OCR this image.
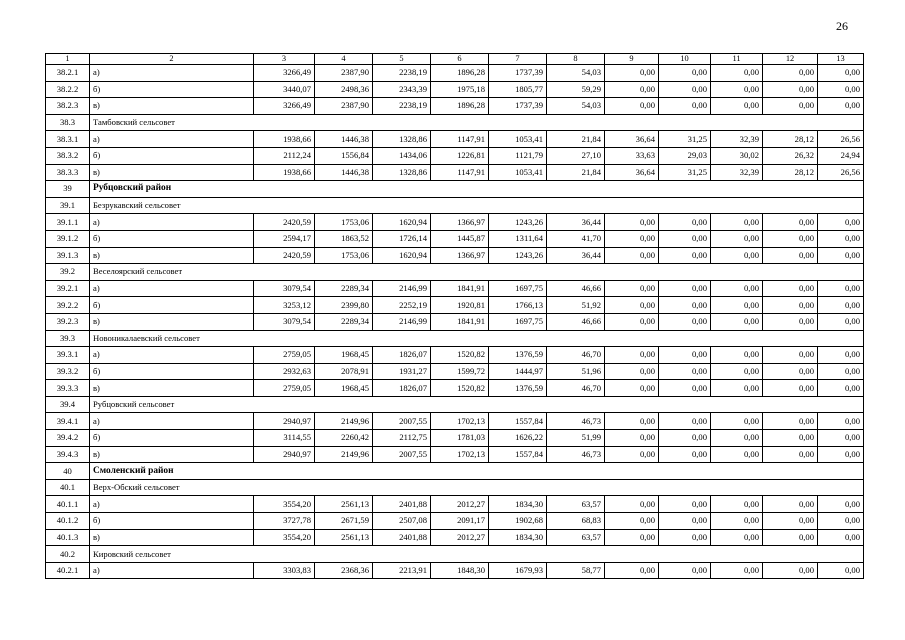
26
1	2	3	4	5	6	7	8	9	10	11	12	13
38.2.1	а)	3266,49	2387,90	2238,19	1896,28	1737,39	54,03	0,00	0,00	0,00	0,00	0,00
38.2.2	б)	3440,07	2498,36	2343,39	1975,18	1805,77	59,29	0,00	0,00	0,00	0,00	0,00
38.2.3	в)	3266,49	2387,90	2238,19	1896,28	1737,39	54,03	0,00	0,00	0,00	0,00	0,00
38.3	Тамбовский сельсовет											
38.3.1	а)	1938,66	1446,38	1328,86	1147,91	1053,41	21,84	36,64	31,25	32,39	28,12	26,56
38.3.2	б)	2112,24	1556,84	1434,06	1226,81	1121,79	27,10	33,63	29,03	30,02	26,32	24,94
38.3.3	в)	1938,66	1446,38	1328,86	1147,91	1053,41	21,84	36,64	31,25	32,39	28,12	26,56
39	Рубцовский район											
39.1	Безрукавский сельсовет											
39.1.1	а)	2420,59	1753,06	1620,94	1366,97	1243,26	36,44	0,00	0,00	0,00	0,00	0,00
39.1.2	б)	2594,17	1863,52	1726,14	1445,87	1311,64	41,70	0,00	0,00	0,00	0,00	0,00
39.1.3	в)	2420,59	1753,06	1620,94	1366,97	1243,26	36,44	0,00	0,00	0,00	0,00	0,00
39.2	Веселоярский сельсовет											
39.2.1	а)	3079,54	2289,34	2146,99	1841,91	1697,75	46,66	0,00	0,00	0,00	0,00	0,00
39.2.2	б)	3253,12	2399,80	2252,19	1920,81	1766,13	51,92	0,00	0,00	0,00	0,00	0,00
39.2.3	в)	3079,54	2289,34	2146,99	1841,91	1697,75	46,66	0,00	0,00	0,00	0,00	0,00
39.3	Новоникалаевский сельсовет											
39.3.1	а)	2759,05	1968,45	1826,07	1520,82	1376,59	46,70	0,00	0,00	0,00	0,00	0,00
39.3.2	б)	2932,63	2078,91	1931,27	1599,72	1444,97	51,96	0,00	0,00	0,00	0,00	0,00
39.3.3	в)	2759,05	1968,45	1826,07	1520,82	1376,59	46,70	0,00	0,00	0,00	0,00	0,00
39.4	Рубцовский сельсовет											
39.4.1	а)	2940,97	2149,96	2007,55	1702,13	1557,84	46,73	0,00	0,00	0,00	0,00	0,00
39.4.2	б)	3114,55	2260,42	2112,75	1781,03	1626,22	51,99	0,00	0,00	0,00	0,00	0,00
39.4.3	в)	2940,97	2149,96	2007,55	1702,13	1557,84	46,73	0,00	0,00	0,00	0,00	0,00
40	Смоленский район											
40.1	Верх-Обский сельсовет											
40.1.1	а)	3554,20	2561,13	2401,88	2012,27	1834,30	63,57	0,00	0,00	0,00	0,00	0,00
40.1.2	б)	3727,78	2671,59	2507,08	2091,17	1902,68	68,83	0,00	0,00	0,00	0,00	0,00
40.1.3	в)	3554,20	2561,13	2401,88	2012,27	1834,30	63,57	0,00	0,00	0,00	0,00	0,00
40.2	Кировский сельсовет											
40.2.1	а)	3303,83	2368,36	2213,91	1848,30	1679,93	58,77	0,00	0,00	0,00	0,00	0,00
